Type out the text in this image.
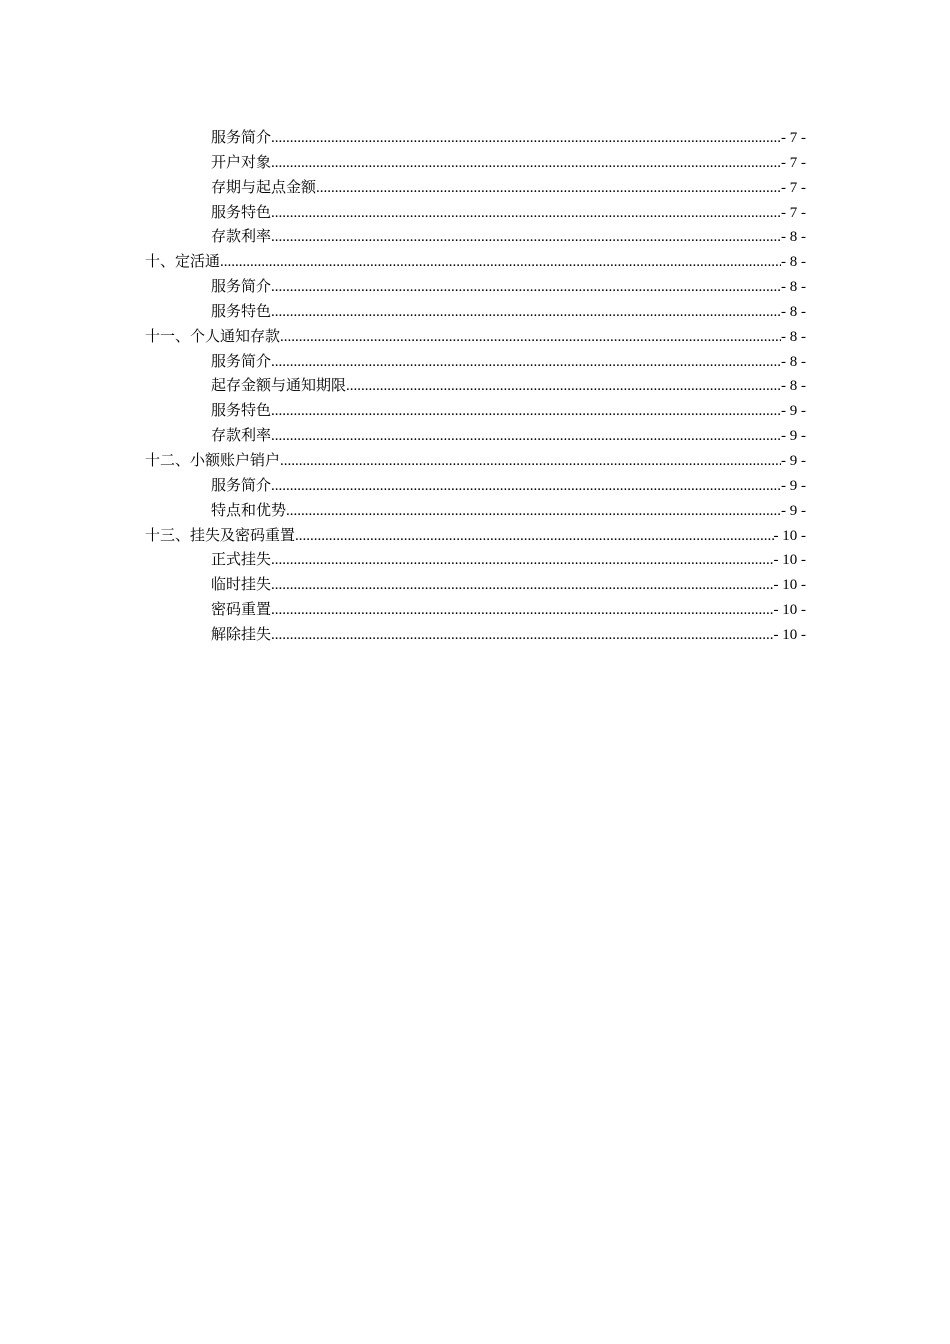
服务简介 .....	- 7 -
开户对象 .....	- 7 -
存期与起点金额 .....	- 7 -
服务特色 .....	- 7 -
存款利率 .....	- 8 -
十、定活通 .....	- 8 -
服务简介 .....	- 8 -
服务特色 .....	- 8 -
十一、个人通知存款 .....	- 8 -
服务简介 .....	- 8 -
起存金额与通知期限 .....	- 8 -
服务特色 .....	- 9 -
存款利率 .....	- 9 -
十二、小额账户销户 .....	- 9 -
服务简介 .....	- 9 -
特点和优势 .....	- 9 -
十三、挂失及密码重置 .....	- 10 -
正式挂失 .....	- 10 -
临时挂失 .....	- 10 -
密码重置 .....	- 10 -
解除挂失 .....	- 10 -
